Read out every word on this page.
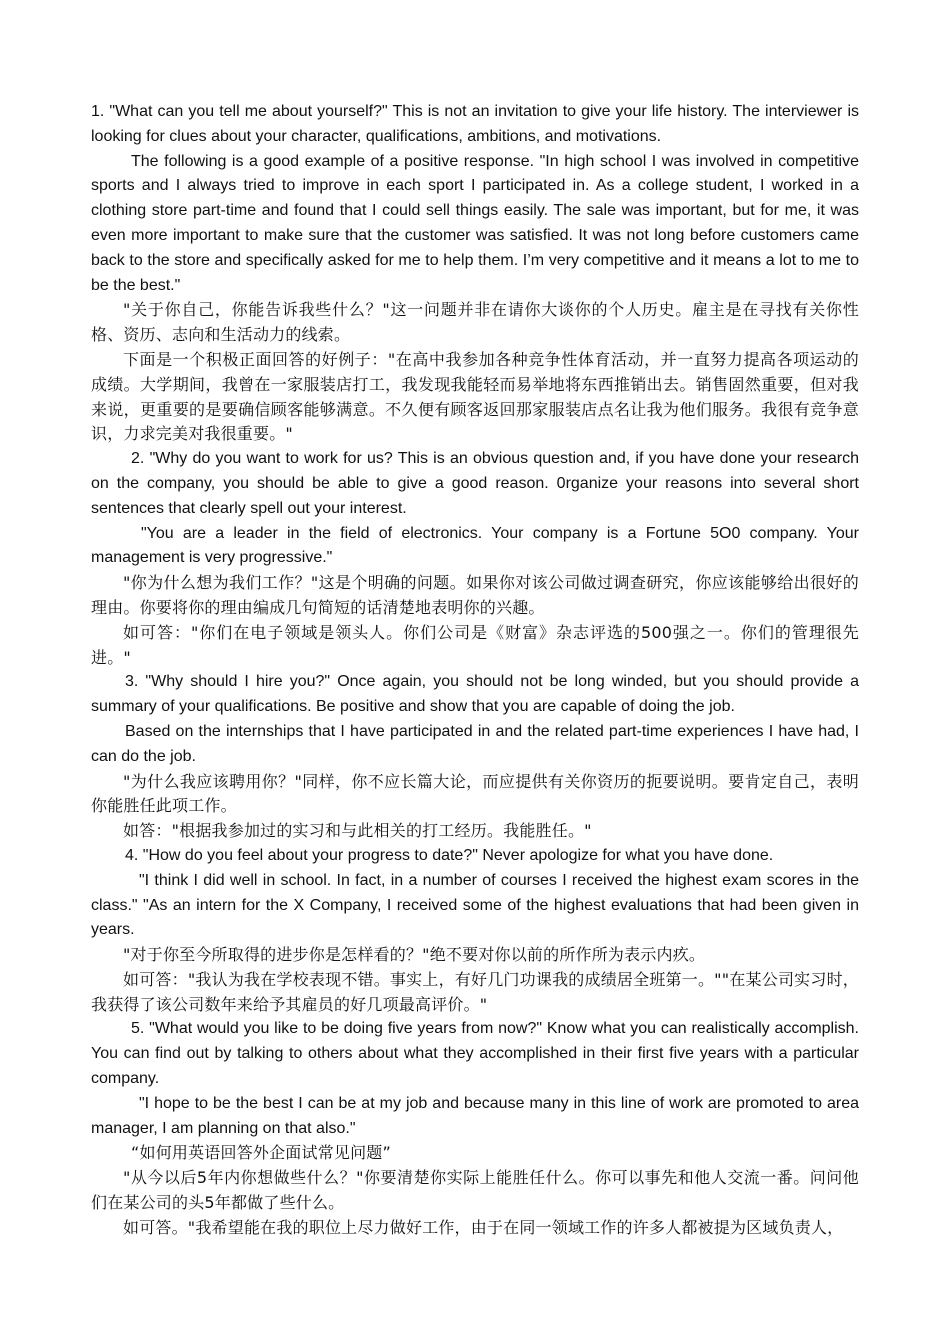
1. "What can you tell me about yourself?" This is not an invitation to give your life history. The interviewer is looking for clues about your character, qualifications, ambitions, and motivations.

The following is a good example of a positive response. "In high school I was involved in competitive sports and I always tried to improve in each sport I participated in. As a college student, I worked in a clothing store part-time and found that I could sell things easily. The sale was important, but for me, it was even more important to make sure that the customer was satisfied. It was not long before customers came back to the store and specifically asked for me to help them. I’m very competitive and it means a lot to me to be the best."

"关于你自己，你能告诉我些什么？"这一问题并非在请你大谈你的个人历史。雇主是在寻找有关你性格、资历、志向和生活动力的线索。

下面是一个积极正面回答的好例子："在高中我参加各种竞争性体育活动，并一直努力提高各项运动的成绩。大学期间，我曾在一家服装店打工，我发现我能轻而易举地将东西推销出去。销售固然重要，但对我来说，更重要的是要确信顾客能够满意。不久便有顾客返回那家服装店点名让我为他们服务。我很有竞争意识，力求完美对我很重要。"

2. "Why do you want to work for us? This is an obvious question and, if you have done your research on the company, you should be able to give a good reason. 0rganize your reasons into several short sentences that clearly spell out your interest.

"You are a leader in the field of electronics. Your company is a Fortune 5O0 company. Your management is very progressive."

"你为什么想为我们工作？"这是个明确的问题。如果你对该公司做过调查研究，你应该能够给出很好的理由。你要将你的理由编成几句简短的话清楚地表明你的兴趣。

如可答："你们在电子领域是领头人。你们公司是《财富》杂志评选的500强之一。你们的管理很先进。"

3. "Why should I hire you?" Once again, you should not be long winded, but you should provide a summary of your qualifications. Be positive and show that you are capable of doing the job.

Based on the internships that I have participated in and the related part-time experiences I have had, I can do the job.

"为什么我应该聘用你？"同样，你不应长篇大论，而应提供有关你资历的扼要说明。要肯定自己，表明你能胜任此项工作。

如答："根据我参加过的实习和与此相关的打工经历。我能胜任。"

4. "How do you feel about your progress to date?" Never apologize for what you have done.

"I think I did well in school. In fact, in a number of courses I received the highest exam scores in the class." "As an intern for the X Company, I received some of the highest evaluations that had been given in years.

"对于你至今所取得的进步你是怎样看的？"绝不要对你以前的所作所为表示内疚。

如可答："我认为我在学校表现不错。事实上，有好几门功课我的成绩居全班第一。""在某公司实习时，我获得了该公司数年来给予其雇员的好几项最高评价。"

5. "What would you like to be doing five years from now?" Know what you can realistically accomplish. You can find out by talking to others about what they accomplished in their first five years with a particular company.

"I hope to be the best I can be at my job and because many in this line of work are promoted to area manager, I am planning on that also."

“如何用英语回答外企面试常见问题”

"从今以后5年内你想做些什么？"你要清楚你实际上能胜任什么。你可以事先和他人交流一番。问问他们在某公司的头5年都做了些什么。

如可答。"我希望能在我的职位上尽力做好工作，由于在同一领域工作的许多人都被提为区域负责人，
